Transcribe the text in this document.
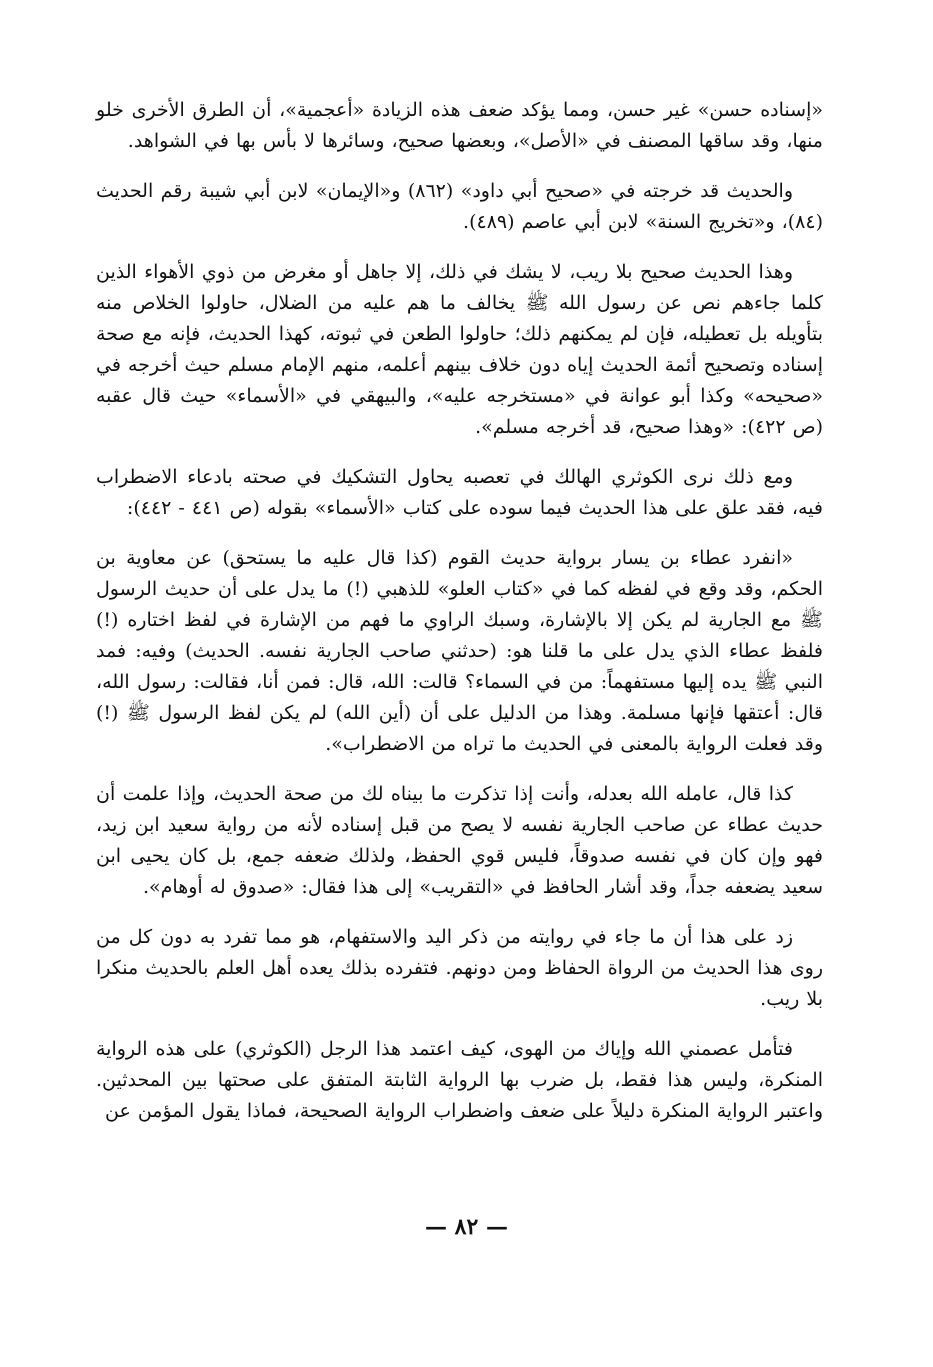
«إسناده حسن» غير حسن، ومما يؤكد ضعف هذه الزيادة «أعجمية»، أن الطرق الأخرى خلو منها، وقد ساقها المصنف في «الأصل»، وبعضها صحيح، وسائرها لا بأس بها في الشواهد.

والحديث قد خرجته في «صحيح أبي داود» (٨٦٢) و«الإيمان» لابن أبي شيبة رقم الحديث (٨٤)، و«تخريج السنة» لابن أبي عاصم (٤٨٩).

وهذا الحديث صحيح بلا ريب، لا يشك في ذلك، إلا جاهل أو مغرض من ذوي الأهواء الذين كلما جاءهم نص عن رسول الله ﷺ يخالف ما هم عليه من الضلال، حاولوا الخلاص منه بتأويله بل تعطيله، فإن لم يمكنهم ذلك؛ حاولوا الطعن في ثبوته، كهذا الحديث، فإنه مع صحة إسناده وتصحيح أئمة الحديث إياه دون خلاف بينهم أعلمه، منهم الإمام مسلم حيث أخرجه في «صحيحه» وكذا أبو عوانة في «مستخرجه عليه»، والبيهقي في «الأسماء» حيث قال عقبه (ص ٤٢٢): «وهذا صحيح، قد أخرجه مسلم».

ومع ذلك نرى الكوثري الهالك في تعصبه يحاول التشكيك في صحته بادعاء الاضطراب فيه، فقد علق على هذا الحديث فيما سوده على كتاب «الأسماء» بقوله (ص ٤٤١ - ٤٤٢):

«انفرد عطاء بن يسار برواية حديث القوم (كذا قال عليه ما يستحق) عن معاوية بن الحكم، وقد وقع في لفظه كما في «كتاب العلو» للذهبي (!) ما يدل على أن حديث الرسول ﷺ مع الجارية لم يكن إلا بالإشارة، وسبك الراوي ما فهم من الإشارة في لفظ اختاره (!) فلفظ عطاء الذي يدل على ما قلنا هو: (حدثني صاحب الجارية نفسه. الحديث) وفيه: فمد النبي ﷺ يده إليها مستفهماً: من في السماء؟ قالت: الله، قال: فمن أنا، فقالت: رسول الله، قال: أعتقها فإنها مسلمة. وهذا من الدليل على أن (أين الله) لم يكن لفظ الرسول ﷺ (!) وقد فعلت الرواية بالمعنى في الحديث ما تراه من الاضطراب».

كذا قال، عامله الله بعدله، وأنت إذا تذكرت ما بيناه لك من صحة الحديث، وإذا علمت أن حديث عطاء عن صاحب الجارية نفسه لا يصح من قبل إسناده لأنه من رواية سعيد ابن زيد، فهو وإن كان في نفسه صدوقاً، فليس قوي الحفظ، ولذلك ضعفه جمع، بل كان يحيى ابن سعيد يضعفه جداً، وقد أشار الحافظ في «التقريب» إلى هذا فقال: «صدوق له أوهام».

زد على هذا أن ما جاء في روايته من ذكر اليد والاستفهام، هو مما تفرد به دون كل من روى هذا الحديث من الرواة الحفاظ ومن دونهم. فتفرده بذلك يعده أهل العلم بالحديث منكرا بلا ريب.

فتأمل عصمني الله وإياك من الهوى، كيف اعتمد هذا الرجل (الكوثري) على هذه الرواية المنكرة، وليس هذا فقط، بل ضرب بها الرواية الثابتة المتفق على صحتها بين المحدثين. واعتبر الرواية المنكرة دليلاً على ضعف واضطراب الرواية الصحيحة، فماذا يقول المؤمن عن

— ٨٢ —
